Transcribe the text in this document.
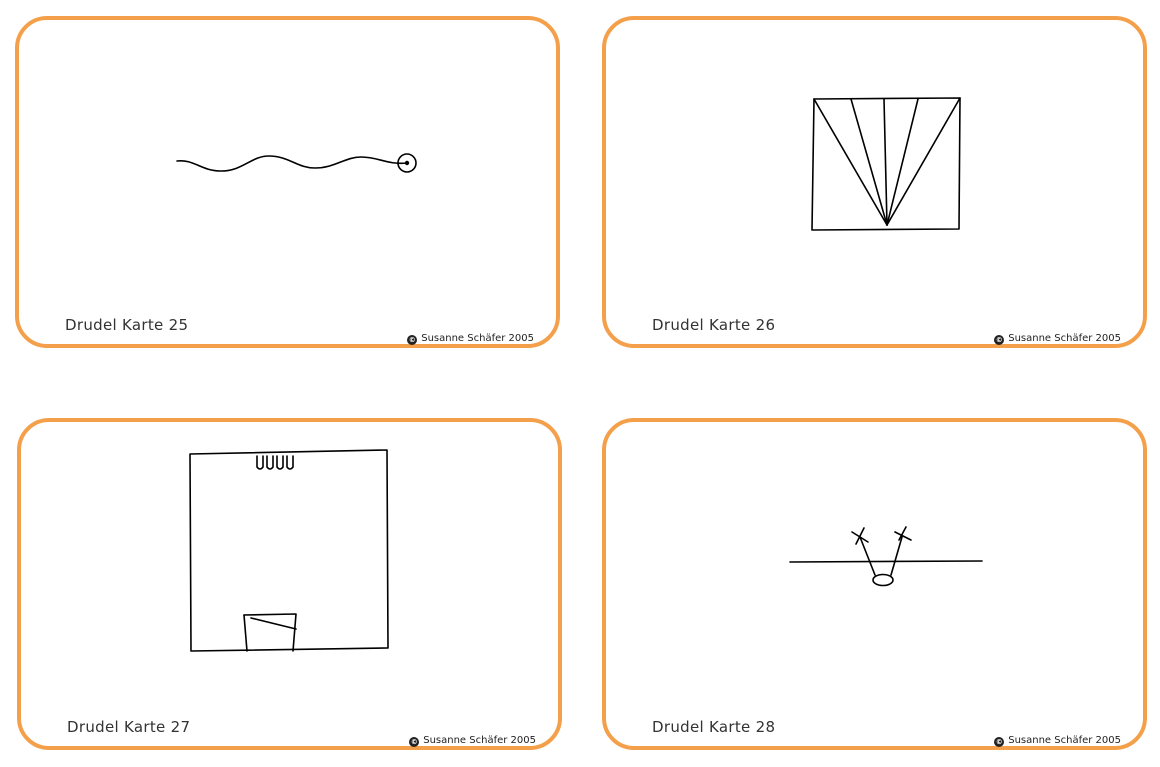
Drudel Karte 25
© Susanne Schäfer 2005
Drudel Karte 26
© Susanne Schäfer 2005
Drudel Karte 27
© Susanne Schäfer 2005
Drudel Karte 28
© Susanne Schäfer 2005
